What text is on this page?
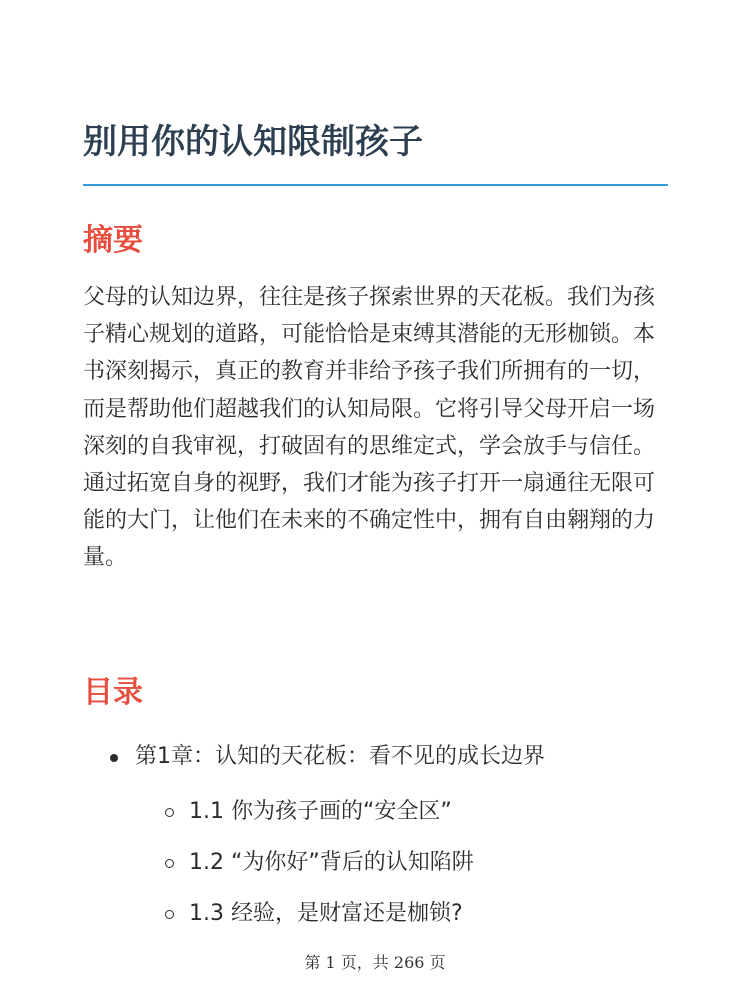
别用你的认知限制孩子
摘要

父母的认知边界，往往是孩子探索世界的天花板。我们为孩子精心规划的道路，可能恰恰是束缚其潜能的无形枷锁。本书深刻揭示，真正的教育并非给予孩子我们所拥有的一切，而是帮助他们超越我们的认知局限。它将引导父母开启一场深刻的自我审视，打破固有的思维定式，学会放手与信任。通过拓宽自身的视野，我们才能为孩子打开一扇通往无限可能的大门，让他们在未来的不确定性中，拥有自由翱翔的力量。

目录
第1章：认知的天花板：看不见的成长边界
1.1 你为孩子画的“安全区”
1.2 “为你好”背后的认知陷阱
1.3 经验，是财富还是枷锁?
第 1 页，共 266 页
